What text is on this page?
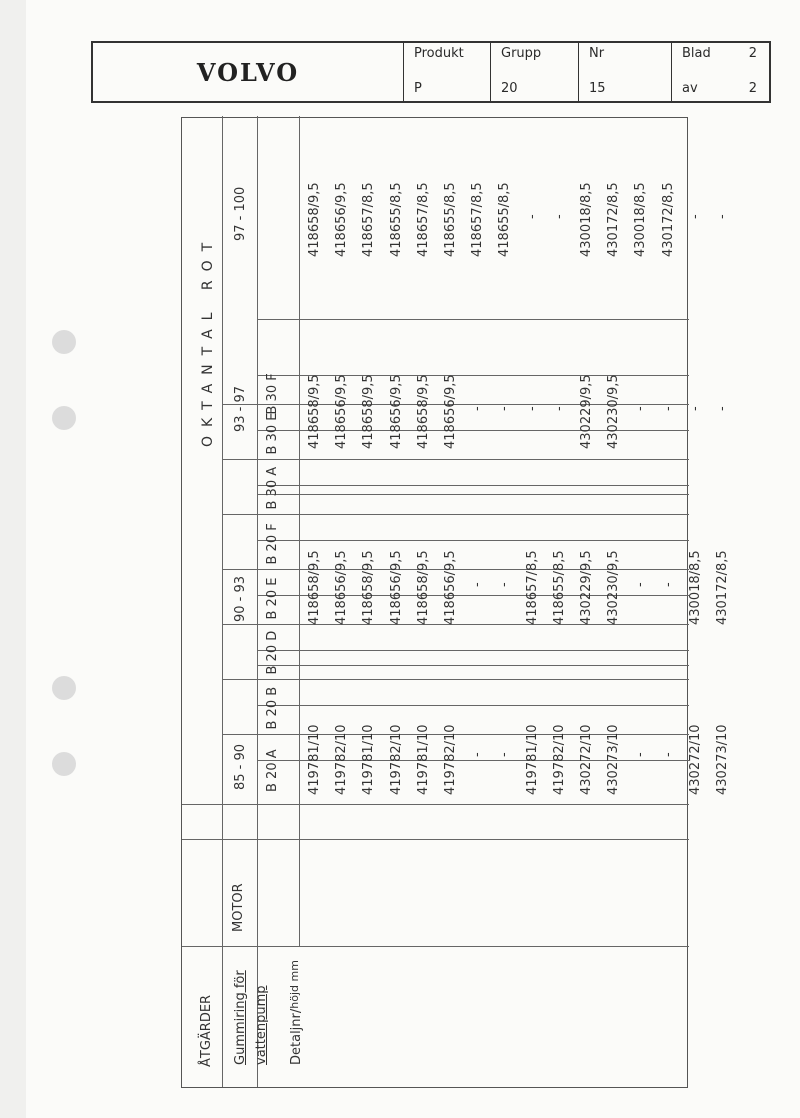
VOLVO
Produkt
P
Grupp
20
Nr
15
Blad	2
av	2
ÅTGÄRDER Gummiring för vattenpump Detaljnr/höjd mm
MOTOR
OKTANTAL ROT
85 - 90
90 - 93
93 - 97
97 - 100
B 20 A
B 20 B
B 20 D
B 20 E
B 20 F
B 30 A
B 30 E
B 30 F
419781/10
418658/9,5
418658/9,5
418658/9,5
419782/10
418656/9,5
418656/9,5
418656/9,5
419781/10
418658/9,5
418658/9,5
418657/8,5
419782/10
418656/9,5
418656/9,5
418655/8,5
419781/10
418658/9,5
418658/9,5
418657/8,5
419782/10
418656/9,5
418656/9,5
418655/8,5
-
-
-
418657/8,5
-
-
-
418655/8,5
419781/10
418657/8,5
-
-
419782/10
418655/8,5
-
-
430272/10
430229/9,5
430229/9,5
430018/8,5
430273/10
430230/9,5
430230/9,5
430172/8,5
-
-
-
430018/8,5
-
-
-
430172/8,5
430272/10
430018/8,5
-
-
430273/10
430172/8,5
-
-
